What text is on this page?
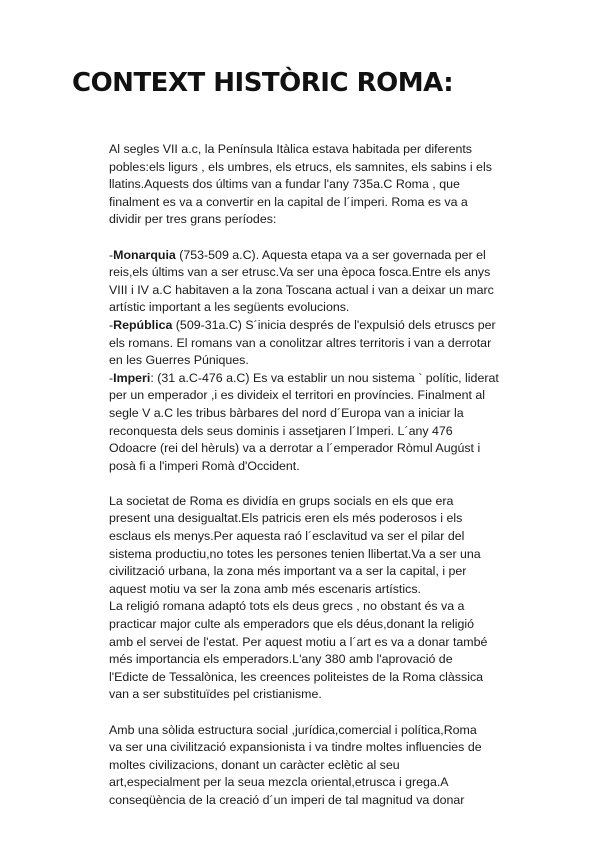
CONTEXT HISTÒRIC ROMA:
Al segles VII a.c, la Península Itàlica estava habitada per diferents
pobles:els ligurs , els umbres, els etrucs, els samnites, els sabins i els
llatins.Aquests dos últims van a fundar l'any 735a.C Roma , que
finalment es va a convertir en la capital de l´imperi. Roma es va a
dividir per tres grans períodes:
-Monarquia (753-509 a.C). Aquesta etapa va a ser governada per el
reis,els últims van a ser etrusc.Va ser una època fosca.Entre els anys
VIII i IV a.C habitaven a la zona Toscana actual i van a deixar un marc
artístic important a les següents evolucions.
-República (509-31a.C) S´inicia després de l'expulsió dels etruscs per
els romans. El romans van a conolitzar altres territoris i van a derrotar
en les Guerres Púniques.
-Imperi: (31 a.C-476 a.C) Es va establir un nou sistema ` polític, liderat
per un emperador ,i es divideix el territori en províncies. Finalment al
segle V a.C les tribus bàrbares del nord d´Europa van a iniciar la
reconquesta dels seus dominis i assetjaren l´Imperi. L´any 476
Odoacre (rei del hèruls) va a derrotar a l´emperador Ròmul Augúst i
posà fi a l'imperi Romà d'Occident.
La societat de Roma es dividía en grups socials en els que era
present una desigualtat.Els patricis eren els més poderosos i els
esclaus els menys.Per aquesta raó l´esclavitud va ser el pilar del
sistema productiu,no totes les persones tenien llibertat.Va a ser una
civilització urbana, la zona més important va a ser la capital, i per
aquest motiu va ser la zona amb més escenaris artístics.
La religió romana adaptó tots els deus grecs , no obstant és va a
practicar major culte als emperadors que els déus,donant la religió
amb el servei de l'estat. Per aquest motiu a l´art es va a donar també
més importancia els emperadors.L'any 380 amb l'aprovació de
l'Edicte de Tessalònica, les creences politeistes de la Roma clàssica
van a ser substituïdes pel cristianisme.
Amb una sòlida estructura social ,jurídica,comercial i política,Roma
va ser una civilització expansionista i va tindre moltes influencies de
moltes civilizacions, donant un caràcter eclètic al seu
art,especialment per la seua mezcla oriental,etrusca i grega.A
conseqüència de la creació d´un imperi de tal magnitud va donar
